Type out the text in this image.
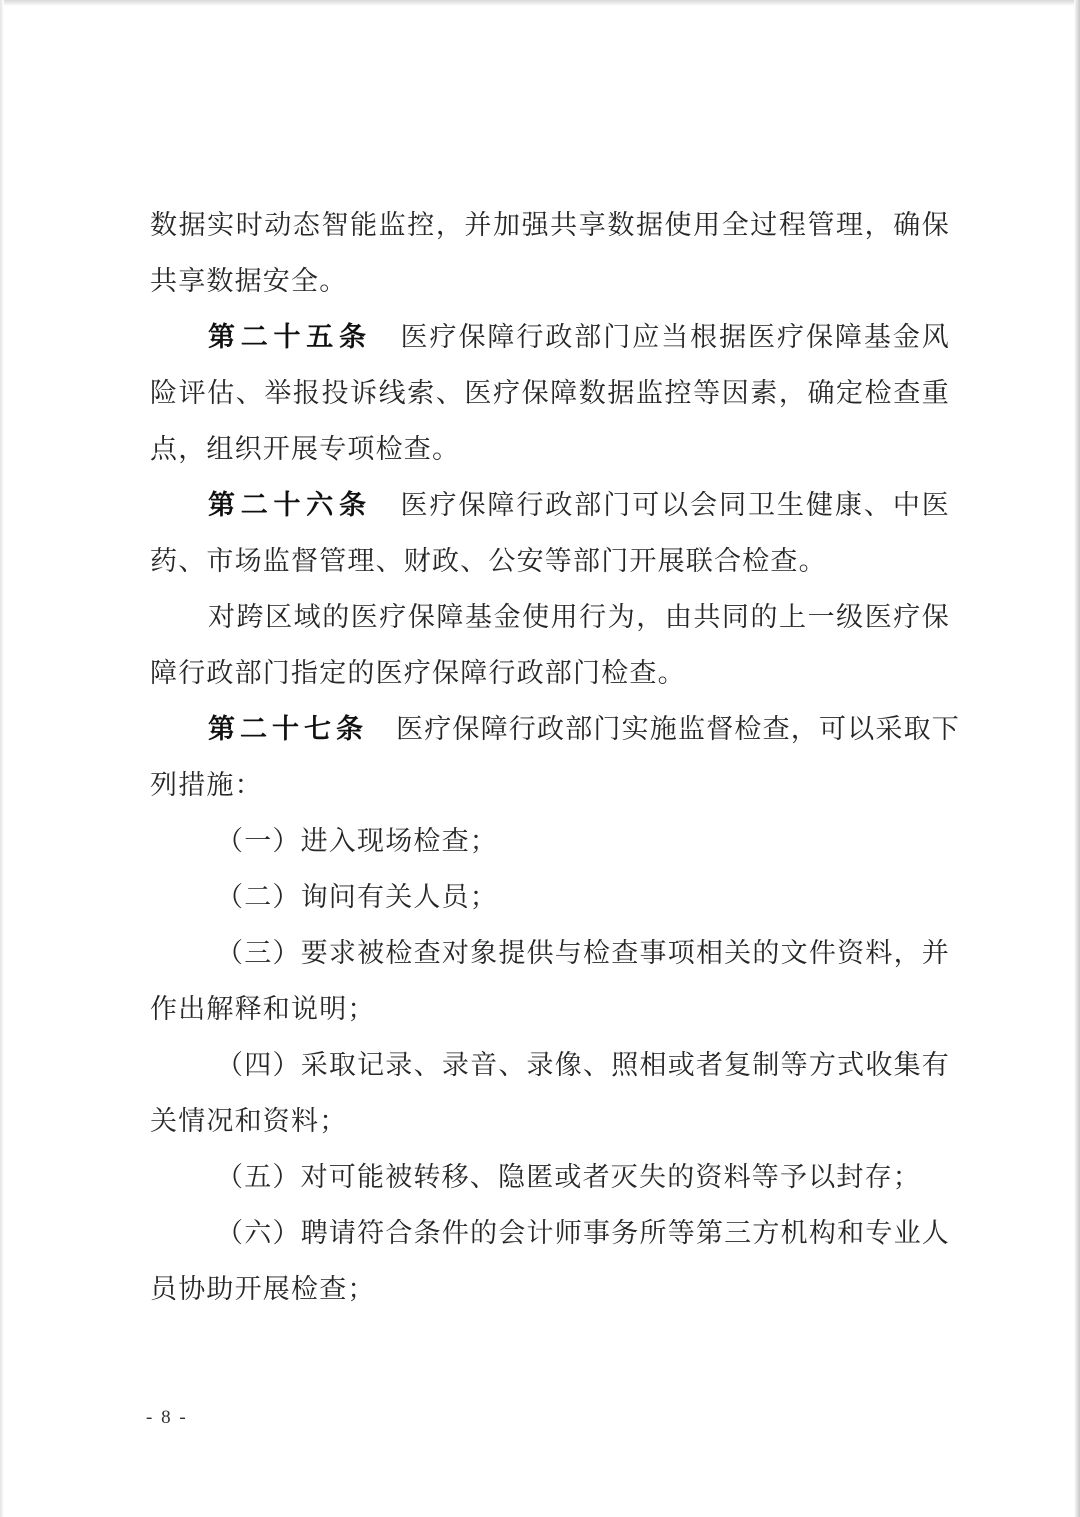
数据实时动态智能监控，并加强共享数据使用全过程管理，确保
共享数据安全。
第二十五条 医疗保障行政部门应当根据医疗保障基金风
险评估、举报投诉线索、医疗保障数据监控等因素，确定检查重
点，组织开展专项检查。
第二十六条 医疗保障行政部门可以会同卫生健康、中医
药、市场监督管理、财政、公安等部门开展联合检查。
对跨区域的医疗保障基金使用行为，由共同的上一级医疗保
障行政部门指定的医疗保障行政部门检查。
第二十七条 医疗保障行政部门实施监督检查，可以采取下
列措施：
（一）进入现场检查；
（二）询问有关人员；
（三）要求被检查对象提供与检查事项相关的文件资料，并
作出解释和说明；
（四）采取记录、录音、录像、照相或者复制等方式收集有
关情况和资料；
（五）对可能被转移、隐匿或者灭失的资料等予以封存；
（六）聘请符合条件的会计师事务所等第三方机构和专业人
员协助开展检查；
- 8 -
